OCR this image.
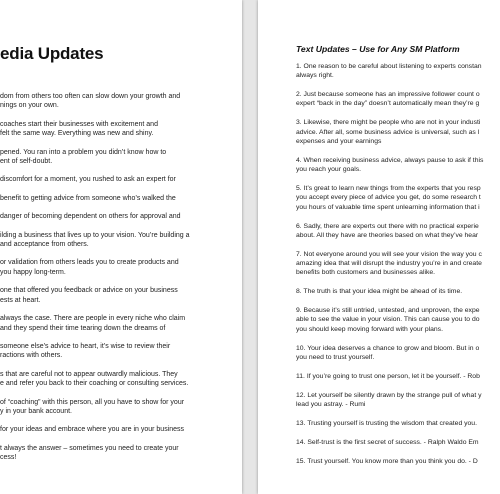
edia Updates
dom from others too often can slow down your growth and
nings on your own.
coaches start their businesses with excitement and
felt the same way. Everything was new and shiny.
pened. You ran into a problem you didn’t know how to
ent of self-doubt.
discomfort for a moment, you rushed to ask an expert for
benefit to getting advice from someone who’s walked the
danger of becoming dependent on others for approval and
ilding a business that lives up to your vision. You’re building a
and acceptance from others.
or validation from others leads you to create products and
you happy long-term.
one that offered you feedback or advice on your business
ests at heart.
always the case. There are people in every niche who claim
and they spend their time tearing down the dreams of
someone else’s advice to heart, it’s wise to review their
ractions with others.
s that are careful not to appear outwardly malicious. They
e and refer you back to their coaching or consulting services.
of “coaching” with this person, all you have to show for your
y in your bank account.
for your ideas and embrace where you are in your business
t always the answer – sometimes you need to create your
cess!
Text Updates – Use for Any SM Platform
1. One reason to be careful about listening to experts constan
always right.
2. Just because someone has an impressive follower count o
expert “back in the day” doesn’t automatically mean they’re g
3. Likewise, there might be people who are not in your industi
advice. After all, some business advice is universal, such as l
expenses and your earnings
4. When receiving business advice, always pause to ask if this
you reach your goals.
5. It’s great to learn new things from the experts that you resp
you accept every piece of advice you get, do some research t
you hours of valuable time spent unlearning information that i
6. Sadly, there are experts out there with no practical experie
about. All they have are theories based on what they’ve hear
7. Not everyone around you will see your vision the way you c
amazing idea that will disrupt the industry you’re in and create
benefits both customers and businesses alike.
8. The truth is that your idea might be ahead of its time.
9. Because it’s still untried, untested, and unproven, the expe
able to see the value in your vision. This can cause you to do
you should keep moving forward with your plans.
10. Your idea deserves a chance to grow and bloom. But in o
you need to trust yourself.
11. If you’re going to trust one person, let it be yourself. - Rob
12. Let yourself be silently drawn by the strange pull of what y
lead you astray. - Rumi
13. Trusting yourself is trusting the wisdom that created you.
14. Self-trust is the first secret of success. - Ralph Waldo Em
15. Trust yourself. You know more than you think you do. - D
